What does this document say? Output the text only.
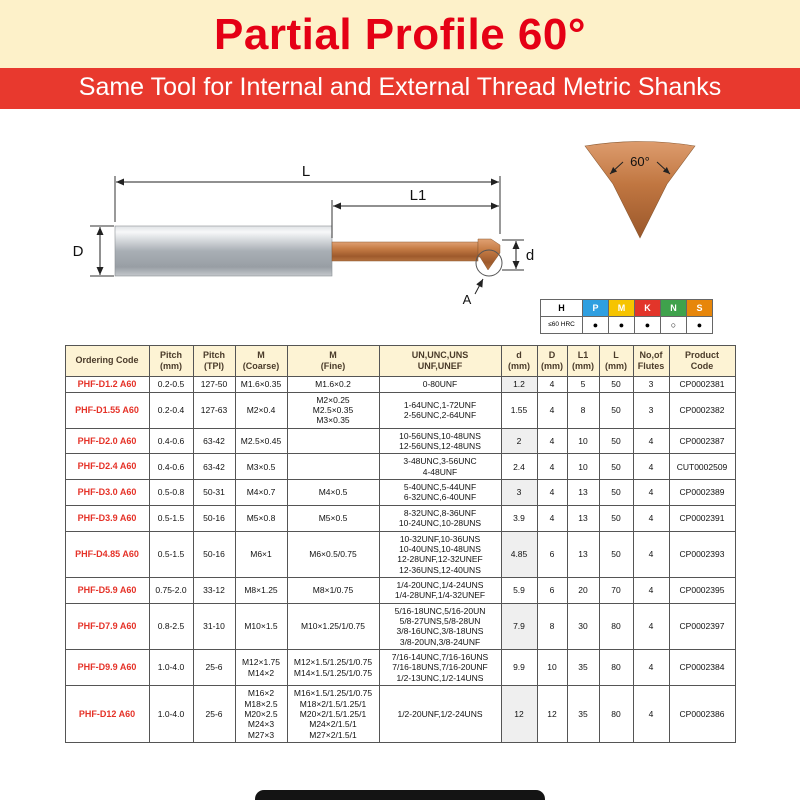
Partial Profile 60°
Same Tool for Internal and External Thread Metric Shanks
L
L1
D	d
A
60°
H	P	M	K	N	S
≤60 HRC	●	●	●	○	●
Ordering Code	Pitch
(mm)	Pitch
(TPI)	M
(Coarse)	M
(Fine)	UN,UNC,UNS
UNF,UNEF	d
(mm)	D
(mm)	L1
(mm)	L
(mm)	No,of
Flutes	Product
Code
PHF-D1.2 A60	0.2-0.5	127-50	M1.6×0.35	M1.6×0.2	0-80UNF	1.2	4	5	50	3	CP0002381
PHF-D1.55 A60	0.2-0.4	127-63	M2×0.4	M2×0.25
M2.5×0.35
M3×0.35	1-64UNC,1-72UNF
2-56UNC,2-64UNF	1.55	4	8	50	3	CP0002382
PHF-D2.0 A60	0.4-0.6	63-42	M2.5×0.45		10-56UNS,10-48UNS
12-56UNS,12-48UNS	2	4	10	50	4	CP0002387
PHF-D2.4 A60	0.4-0.6	63-42	M3×0.5		3-48UNC,3-56UNC
4-48UNF	2.4	4	10	50	4	CUT0002509
PHF-D3.0 A60	0.5-0.8	50-31	M4×0.7	M4×0.5	5-40UNC,5-44UNF
6-32UNC,6-40UNF	3	4	13	50	4	CP0002389
PHF-D3.9 A60	0.5-1.5	50-16	M5×0.8	M5×0.5	8-32UNC,8-36UNF
10-24UNC,10-28UNS	3.9	4	13	50	4	CP0002391
PHF-D4.85 A60	0.5-1.5	50-16	M6×1	M6×0.5/0.75	10-32UNF,10-36UNS
10-40UNS,10-48UNS
12-28UNF,12-32UNEF
12-36UNS,12-40UNS	4.85	6	13	50	4	CP0002393
PHF-D5.9 A60	0.75-2.0	33-12	M8×1.25	M8×1/0.75	1/4-20UNC,1/4-24UNS
1/4-28UNF,1/4-32UNEF	5.9	6	20	70	4	CP0002395
PHF-D7.9 A60	0.8-2.5	31-10	M10×1.5	M10×1.25/1/0.75	5/16-18UNC,5/16-20UN
5/8-27UNS,5/8-28UN
3/8-16UNC,3/8-18UNS
3/8-20UN,3/8-24UNF	7.9	8	30	80	4	CP0002397
PHF-D9.9 A60	1.0-4.0	25-6	M12×1.75
M14×2	M12×1.5/1.25/1/0.75
M14×1.5/1.25/1/0.75	7/16-14UNC,7/16-16UNS
7/16-18UNS,7/16-20UNF
1/2-13UNC,1/2-14UNS	9.9	10	35	80	4	CP0002384
PHF-D12 A60	1.0-4.0	25-6	M16×2
M18×2.5
M20×2.5
M24×3
M27×3	M16×1.5/1.25/1/0.75
M18×2/1.5/1.25/1
M20×2/1.5/1.25/1
M24×2/1.5/1
M27×2/1.5/1	1/2-20UNF,1/2-24UNS	12	12	35	80	4	CP0002386
